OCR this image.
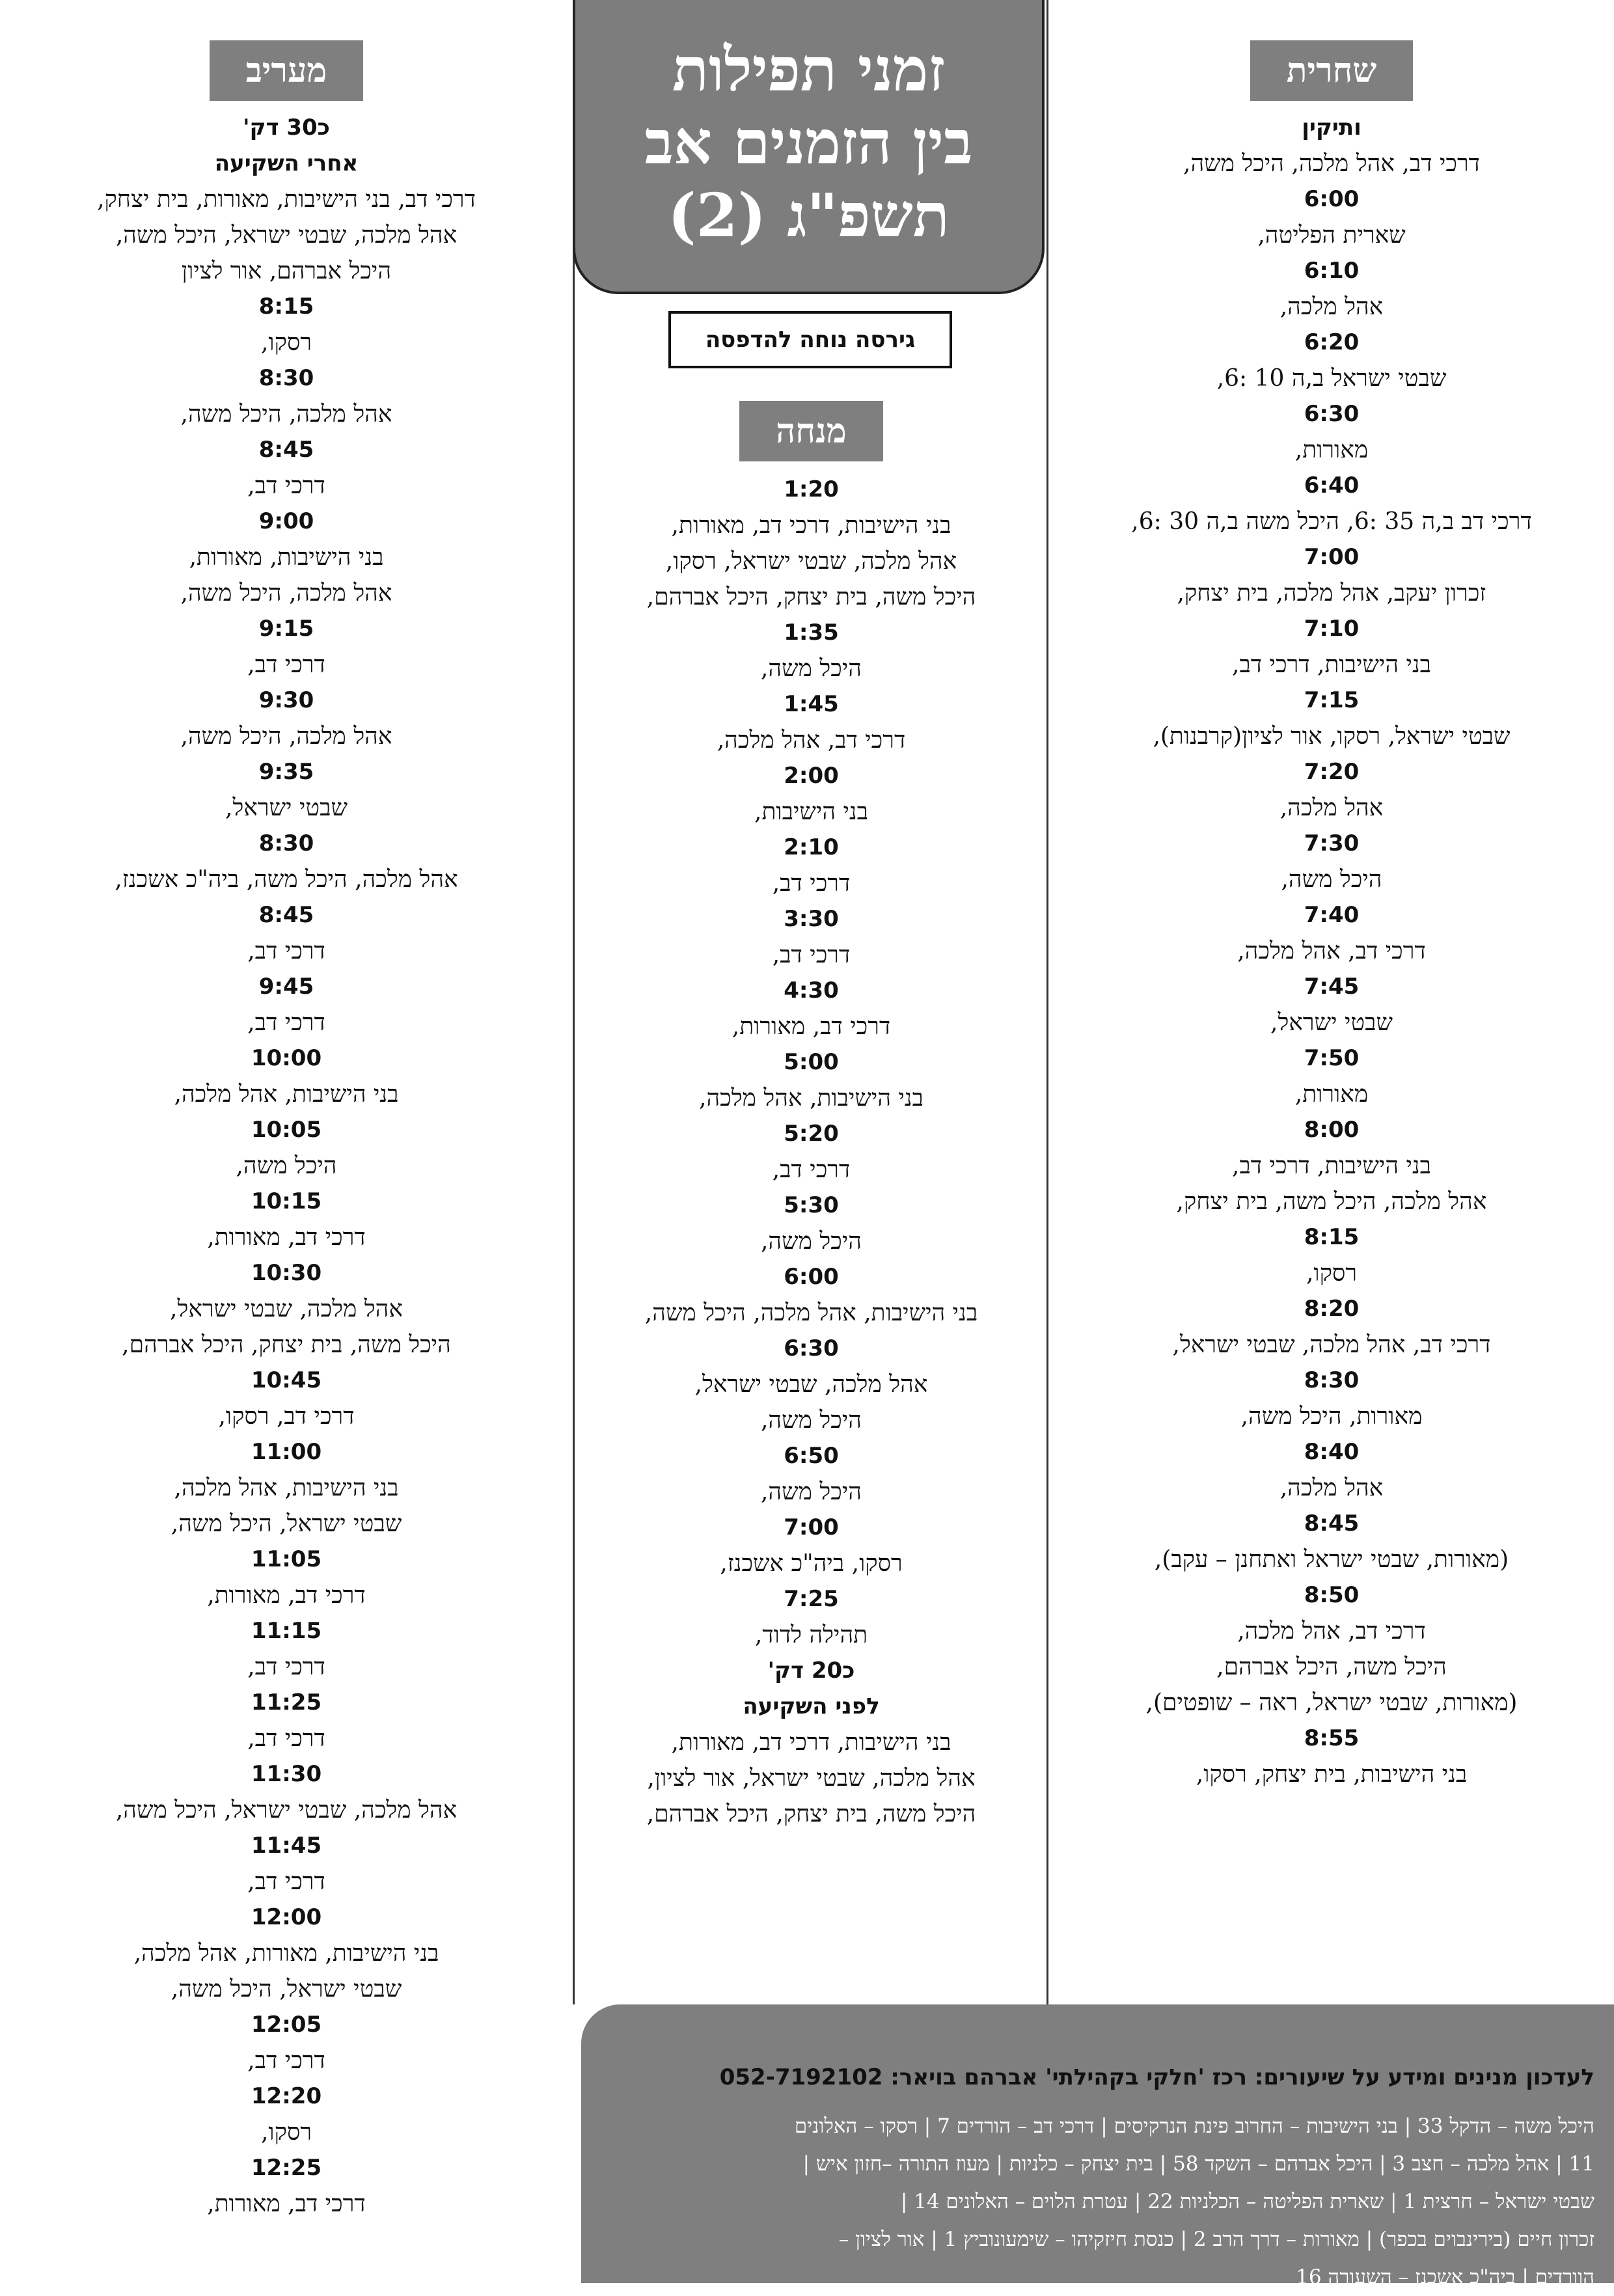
שחרית
ותיקין
דרכי דב, אהל מלכה, היכל משה,
6:00
שארית הפליטה,
6:10
אהל מלכה,
6:20
שבטי ישראל ב,ה 10 :6,
6:30
מאורות,
6:40
דרכי דב ב,ה 35 :6, היכל משה ב,ה 30 :6,
7:00
זכרון יעקב, אהל מלכה, בית יצחק,
7:10
בני הישיבות, דרכי דב,
7:15
שבטי ישראל, רסקו, אור לציון(קרבנות),
7:20
אהל מלכה,
7:30
היכל משה,
7:40
דרכי דב, אהל מלכה,
7:45
שבטי ישראל,
7:50
מאורות,
8:00
בני הישיבות, דרכי דב,
אהל מלכה, היכל משה, בית יצחק,
8:15
רסקו,
8:20
דרכי דב, אהל מלכה, שבטי ישראל,
8:30
מאורות, היכל משה,
8:40
אהל מלכה,
8:45
(מאורות, שבטי ישראל ואתחנן – עקב),
8:50
דרכי דב, אהל מלכה,
היכל משה, היכל אברהם,
(מאורות, שבטי ישראל, ראה – שופטים),
8:55
בני הישיבות, בית יצחק, רסקו,
זמני תפילות
בין הזמנים אב
תשפ"ג (2)
גירסה נוחה להדפסה
מנחה
1:20
בני הישיבות, דרכי דב, מאורות,
אהל מלכה, שבטי ישראל, רסקו,
היכל משה, בית יצחק, היכל אברהם,
1:35
היכל משה,
1:45
דרכי דב, אהל מלכה,
2:00
בני הישיבות,
2:10
דרכי דב,
3:30
דרכי דב,
4:30
דרכי דב, מאורות,
5:00
בני הישיבות, אהל מלכה,
5:20
דרכי דב,
5:30
היכל משה,
6:00
בני הישיבות, אהל מלכה, היכל משה,
6:30
אהל מלכה, שבטי ישראל,
היכל משה,
6:50
היכל משה,
7:00
רסקו, ביה"כ אשכנז,
7:25
תהילה לדוד,
כ20 דק'
לפני השקיעה
בני הישיבות, דרכי דב, מאורות,
אהל מלכה, שבטי ישראל, אור לציון,
היכל משה, בית יצחק, היכל אברהם,
מעריב
כ30 דק'
אחרי השקיעה
דרכי דב, בני הישיבות, מאורות, בית יצחק,
אהל מלכה, שבטי ישראל, היכל משה,
היכל אברהם, אור לציון
8:15
רסקו,
8:30
אהל מלכה, היכל משה,
8:45
דרכי דב,
9:00
בני הישיבות, מאורות,
אהל מלכה, היכל משה,
9:15
דרכי דב,
9:30
אהל מלכה, היכל משה,
9:35
שבטי ישראל,
8:30
אהל מלכה, היכל משה, ביה"כ אשכנז,
8:45
דרכי דב,
9:45
דרכי דב,
10:00
בני הישיבות, אהל מלכה,
10:05
היכל משה,
10:15
דרכי דב, מאורות,
10:30
אהל מלכה, שבטי ישראל,
היכל משה, בית יצחק, היכל אברהם,
10:45
דרכי דב, רסקו,
11:00
בני הישיבות, אהל מלכה,
שבטי ישראל, היכל משה,
11:05
דרכי דב, מאורות,
11:15
דרכי דב,
11:25
דרכי דב,
11:30
אהל מלכה, שבטי ישראל, היכל משה,
11:45
דרכי דב,
12:00
בני הישיבות, מאורות, אהל מלכה,
שבטי ישראל, היכל משה,
12:05
דרכי דב,
12:20
רסקו,
12:25
דרכי דב, מאורות,
לעדכון מנינים ומידע על שיעורים: רכז 'חלקי בקהילתי' אברהם בויאר: 052-7192102
היכל משה – הדקל 33 | בני הישיבות – החרוב פינת הנרקיסים | דרכי דב – הורדים 7 | רסקו – האלונים
11 | אהל מלכה – חצב 3 | היכל אברהם – השקד 58 | בית יצחק – כלניות | מעוז התורה –חזון איש |
שבטי ישראל – חרצית 1 | שארית הפליטה – הכלניות 22 | עטרת הלוים – האלונים 14 |
זכרון חיים (בירינבוים בכפר) | מאורות – דרך הרב 2 | כנסת חיזקיהו – שימעונוביץ 1 | אור לציון –
הוורדים | ביה"כ אשכנז – השעורה 16
